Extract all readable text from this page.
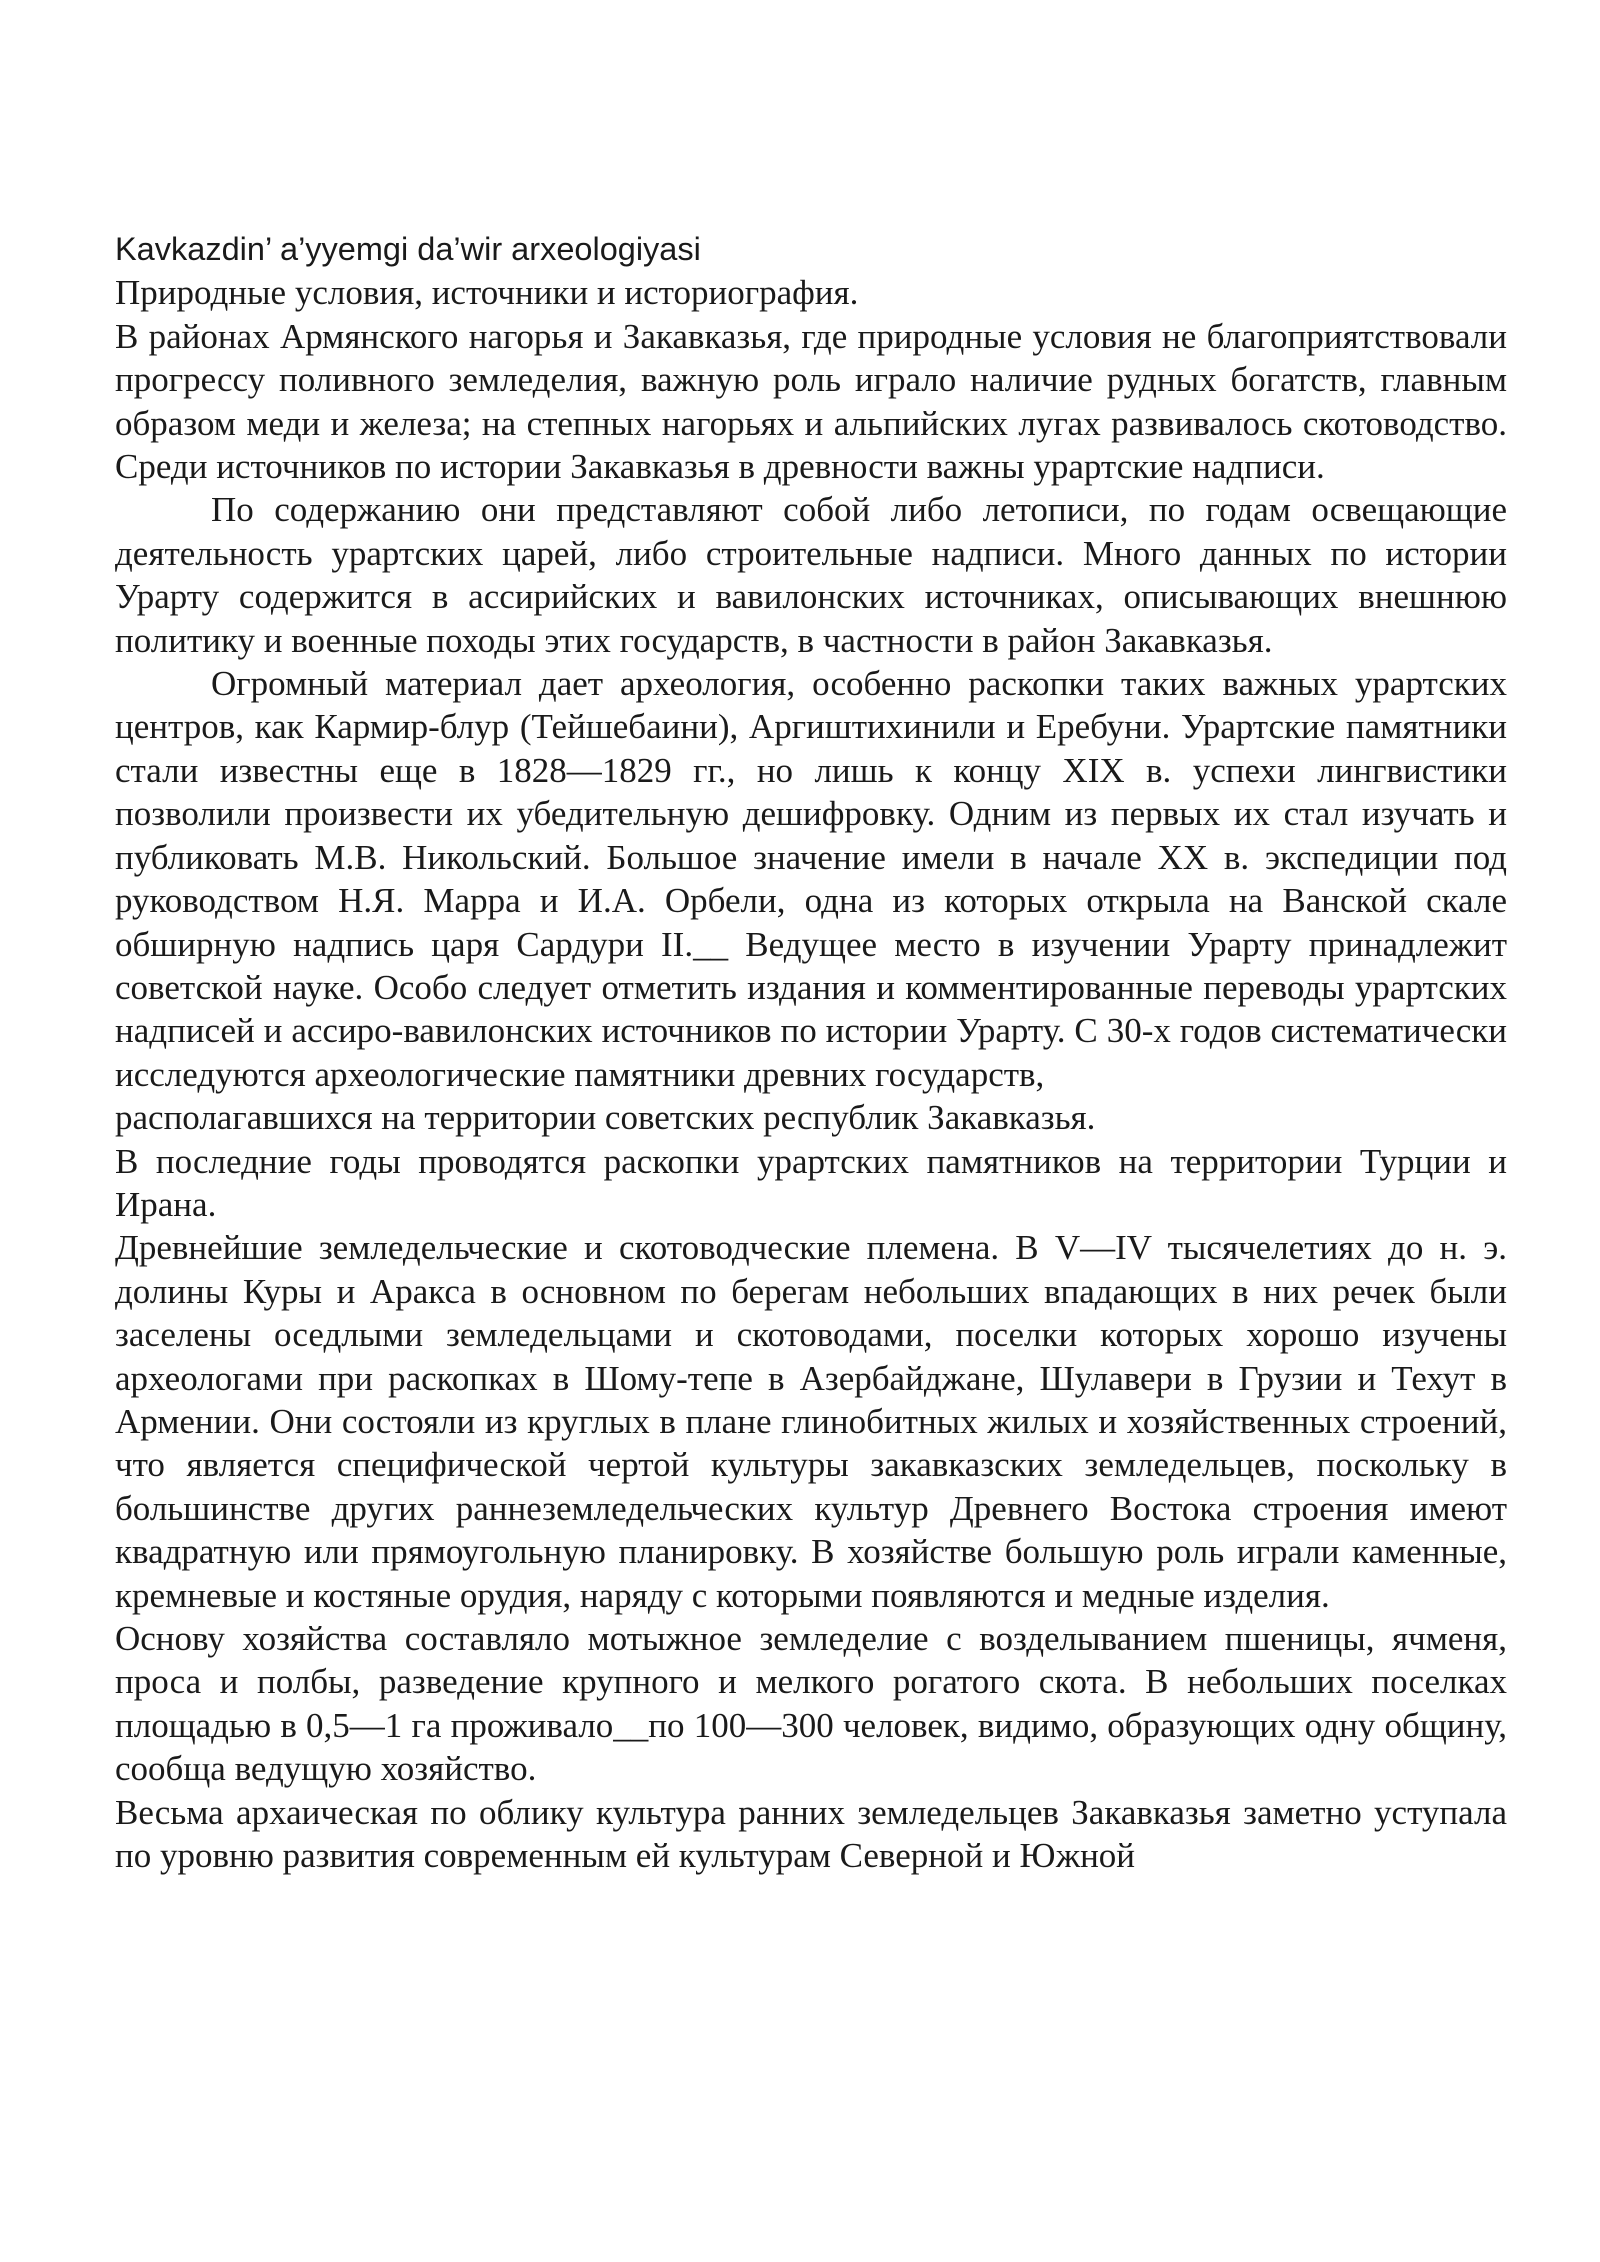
Kavkazdin’ a’yyemgi da’wir arxeologiyasi

Природные условия, источники и историография.

В районах Армянского нагорья и Закавказья, где природные условия не благоприятствовали прогрессу поливного земледелия, важную роль играло наличие рудных богатств, главным образом меди и железа; на степных нагорьях и альпийских лугах развивалось скотоводство. Среди источников по истории Закавказья в древности важны урартские надписи.

По содержанию они представляют собой либо летописи, по годам освещающие деятельность урартских царей, либо строительные надписи. Много данных по истории Урарту содержится в ассирийских и вавилонских источниках, описывающих внешнюю политику и военные походы этих государств, в частности в район Закавказья.

Огромный материал дает археология, особенно раскопки таких важных урартских центров, как Кармир-блур (Тейшебаини), Аргиштихинили и Еребуни. Урартские памятники стали известны еще в 1828—1829 гг., но лишь к концу XIX в. успехи лингвистики позволили произвести их убедительную дешифровку. Одним из первых их стал изучать и публиковать М.В. Никольский. Большое значение имели в начале XX в. экспедиции под руководством Н.Я. Марра и И.А. Орбели, одна из которых открыла на Ванской скале обширную надпись царя Сардури II.__ Ведущее место в изучении Урарту принадлежит советской науке. Особо следует отметить издания и комментированные переводы урартских надписей и ассиро-вавилонских источников по истории Урарту. С 30-х годов систематически исследуются археологические памятники древних государств,

располагавшихся на территории советских республик Закавказья.

В последние годы проводятся раскопки урартских памятников на территории Турции и Ирана.

Древнейшие земледельческие и скотоводческие племена. В V—IV тысячелетиях до н. э. долины Куры и Аракса в основном по берегам небольших впадающих в них речек были заселены оседлыми земледельцами и скотоводами, поселки которых хорошо изучены археологами при раскопках в Шому-тепе в Азербайджане, Шулавери в Грузии и Техут в Армении. Они состояли из круглых в плане глинобитных жилых и хозяйственных строений, что является специфической чертой культуры закавказских земледельцев, поскольку в большинстве других раннеземледельческих культур Древнего Востока строения имеют квадратную или прямоугольную планировку. В хозяйстве большую роль играли каменные, кремневые и костяные орудия, наряду с которыми появляются и медные изделия.

Основу хозяйства составляло мотыжное земледелие с возделыванием пшеницы, ячменя, проса и полбы, разведение крупного и мелкого рогатого скота. В небольших поселках площадью в 0,5—1 га проживало__по 100—300 человек, видимо, образующих одну общину, сообща ведущую хозяйство.

Весьма архаическая по облику культура ранних земледельцев Закавказья заметно уступала по уровню развития современным ей культурам Северной и Южной
